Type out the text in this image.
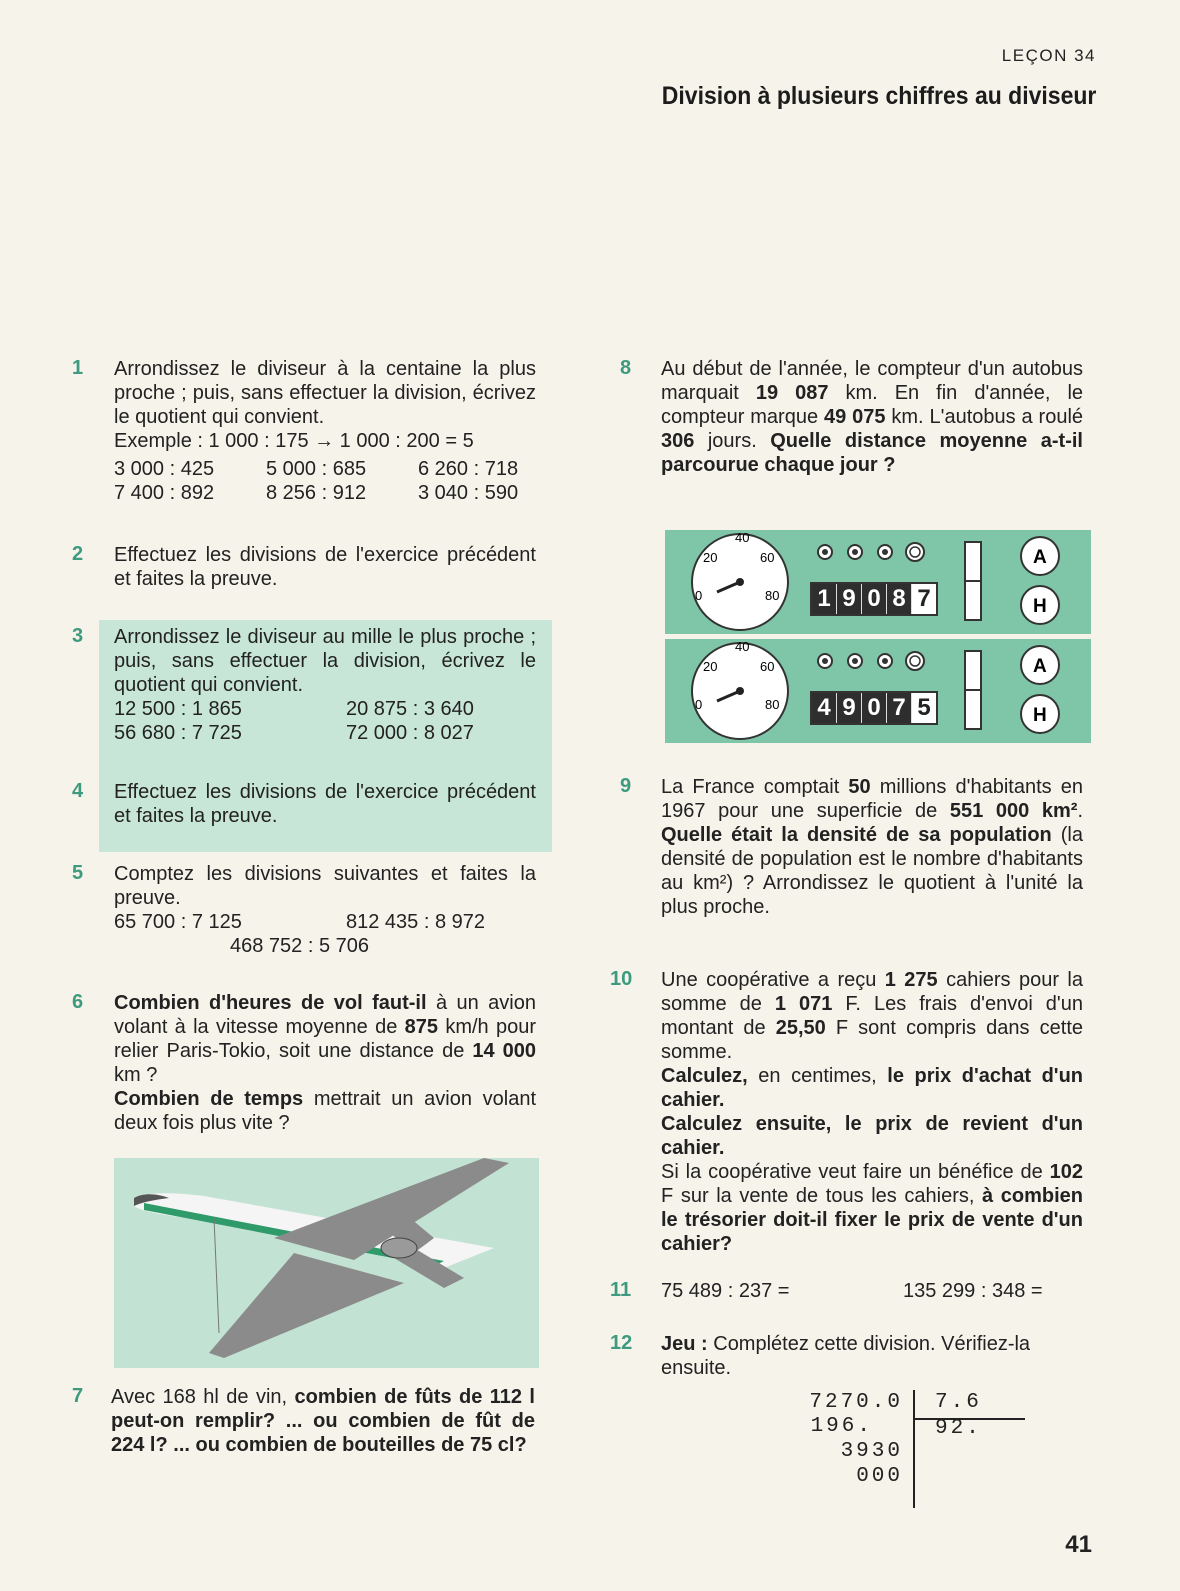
LEÇON 34
Division à plusieurs chiffres au diviseur
1 Arrondissez le diviseur à la centaine la plus proche ; puis, sans effectuer la division, écrivez le quotient qui convient.
Exemple : 1 000 : 175 → 1 000 : 200 = 5
3 000 : 425	5 000 : 685	6 260 : 718
7 400 : 892	8 256 : 912	3 040 : 590
2 Effectuez les divisions de l'exercice précédent et faites la preuve.
3 Arrondissez le diviseur au mille le plus proche ; puis, sans effectuer la division, écrivez le quotient qui convient.
12 500 : 1 865	20 875 : 3 640
56 680 : 7 725	72 000 : 8 027
4 Effectuez les divisions de l'exercice précédent et faites la preuve.
5 Comptez les divisions suivantes et faites la preuve.
65 700 : 7 125	812 435 : 8 972
468 752 : 5 706
6 Combien d'heures de vol faut-il à un avion volant à la vitesse moyenne de 875 km/h pour relier Paris-Tokio, soit une distance de 14 000 km ?
Combien de temps mettrait un avion volant deux fois plus vite ?
7 Avec 168 hl de vin, combien de fûts de 112 l peut-on remplir? ... ou combien de fût de 224 l? ... ou combien de bouteilles de 75 cl?
8 Au début de l'année, le compteur d'un autobus marquait 19 087 km. En fin d'année, le compteur marque 49 075 km. L'autobus a roulé 306 jours. Quelle distance moyenne a-t-il parcourue chaque jour ?
40
20	60
0	80
A
H
1 9 0 8 7
40
20	60
0	80
A
H
4 9 0 7 5
9 La France comptait 50 millions d'habitants en 1967 pour une superficie de 551 000 km². Quelle était la densité de sa population (la densité de population est le nombre d'habitants au km²) ? Arrondissez le quotient à l'unité la plus proche.
10 Une coopérative a reçu 1 275 cahiers pour la somme de 1 071 F. Les frais d'envoi d'un montant de 25,50 F sont compris dans cette somme.
Calculez, en centimes, le prix d'achat d'un cahier.
Calculez ensuite, le prix de revient d'un cahier.
Si la coopérative veut faire un bénéfice de 102 F sur la vente de tous les cahiers, à combien le trésorier doit-il fixer le prix de vente d'un cahier?
11 75 489 : 237 =	135 299 : 348 =
12 Jeu : Complétez cette division. Vérifiez-la ensuite.
7270.0
196.
3930
000
7.6
92.
41
